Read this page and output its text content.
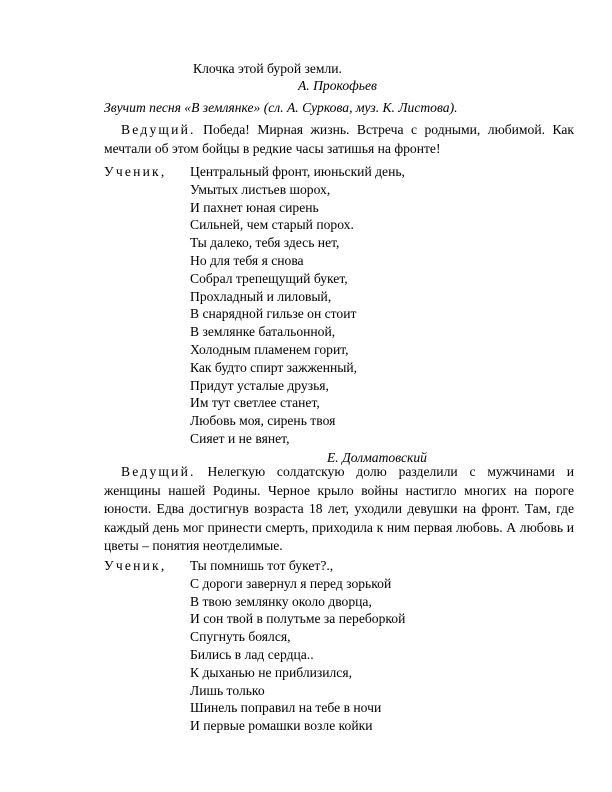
Клочка этой бурой земли.
А. Прокофьев
Звучит песня «В землянке» (сл. А. Суркова, муз. К. Листова).
Ведущий. Победа! Мирная жизнь. Встреча с родными, любимой. Как мечтали об этом бойцы в редкие часы затишья на фронте!
Ученик, Центральный фронт, июньский день,
Умытых листьев шорох,
И пахнет юная сирень
Сильней, чем старый порох.
Ты далеко, тебя здесь нет,
Но для тебя я снова
Собрал трепещущий букет,
Прохладный и лиловый,
В снарядной гильзе он стоит
В землянке батальонной,
Холодным пламенем горит,
Как будто спирт зажженный,
Придут усталые друзья,
Им тут светлее станет,
Любовь моя, сирень твоя
Сияет и не вянет,
Е. Долматовский
Ведущий. Нелегкую солдатскую долю разделили с мужчинами и женщины нашей Родины. Черное крыло войны настигло многих на пороге юности. Едва достигнув возраста 18 лет, уходили девушки на фронт. Там, где каждый день мог принести смерть, приходила к ним первая любовь. А любовь и цветы – понятия неотделимые.
Ученик, Ты помнишь тот букет?.,
С дороги завернул я перед зорькой
В твою землянку около дворца,
И сон твой в полутьме за переборкой
Спугнуть боялся,
Бились в лад сердца..
К дыханью не приблизился,
Лишь только
Шинель поправил на тебе в ночи
И первые ромашки возле койки
